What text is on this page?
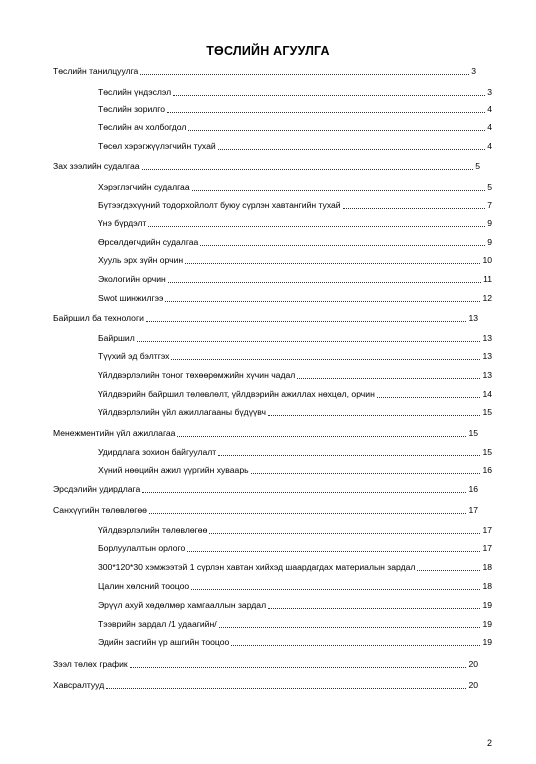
ТӨСЛИЙН АГУУЛГА
Төслийн танилцуулга	3
Төслийн үндэслэл	3
Төслийн зорилго	4
Төслийн ач холбогдол	4
Төсөл хэрэгжүүлэгчийн тухай	4
Зах зээлийн судалгаа	5
Хэрэглэгчийн судалгаа	5
Бүтээгдэхүүний тодорхойлолт буюу сүрлэн хавтангийн тухай	7
Үнэ бүрдэлт	9
Өрсөлдөгчдийн судалгаа	9
Хууль эрх зүйн орчин	10
Экологийн орчин	11
Swot шинжилгээ	12
Байршил ба технологи	13
Байршил	13
Түүхий эд бэлтгэх	13
Үйлдвэрлэлийн тоног төхөөрөмжийн хүчин чадал	13
Үйлдвэрийн байршил төлөвлөлт, үйлдвэрийн ажиллах нөхцөл, орчин	14
Үйлдвэрлэлийн үйл ажиллагааны бүдүүвч	15
Менежментийн үйл ажиллагаа	15
Удирдлага зохион байгуулалт	15
Хүний нөөцийн ажил үүргийн хуваарь	16
Эрсдэлийн удирдлага	16
Санхүүгийн төлөвлөгөө	17
Үйлдвэрлэлийн төлөвлөгөө	17
Борлуулалтын орлого	17
300*120*30 хэмжээтэй 1 сүрлэн хавтан хийхэд шаардагдах материалын зардал	18
Цалин хөлсний тооцоо	18
Эрүүл ахуй хөдөлмөр хамгааллын зардал	19
Тээврийн зардал /1 удаагийн/	19
Эдийн засгийн үр ашгийн тооцоо	19
Зээл төлөх график	20
Хавсралтууд	20
2
